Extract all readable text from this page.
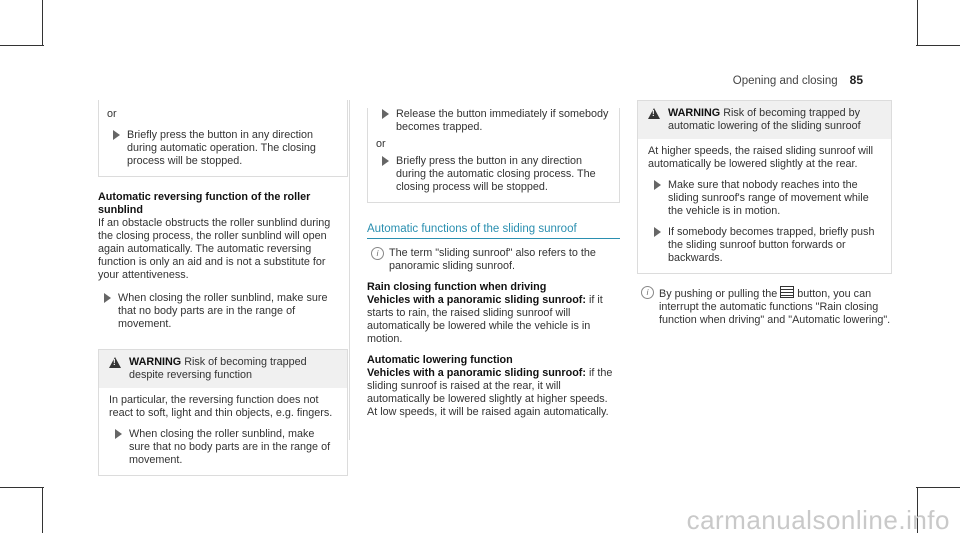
Opening and closing 85

or

Briefly press the button in any direction during automatic operation. The closing process will be stopped.

Automatic reversing function of the roller sunblind

If an obstacle obstructs the roller sunblind during the closing process, the roller sunblind will open again automatically. The automatic reversing function is only an aid and is not a substitute for your attentiveness.

When closing the roller sunblind, make sure that no body parts are in the range of movement.

!

WARNING Risk of becoming trapped despite reversing function

In particular, the reversing function does not react to soft, light and thin objects, e.g. fingers.

When closing the roller sunblind, make sure that no body parts are in the range of movement.

Release the button immediately if somebody becomes trapped.

or

Briefly press the button in any direction during the automatic closing process. The closing process will be stopped.

Automatic functions of the sliding sunroof

i The term "sliding sunroof" also refers to the panoramic sliding sunroof.

Rain closing function when driving

Vehicles with a panoramic sliding sunroof: if it starts to rain, the raised sliding sunroof will automatically be lowered while the vehicle is in motion.

Automatic lowering function

Vehicles with a panoramic sliding sunroof: if the sliding sunroof is raised at the rear, it will automatically be lowered slightly at higher speeds. At low speeds, it will be raised again automatically.

!

WARNING Risk of becoming trapped by automatic lowering of the sliding sunroof

At higher speeds, the raised sliding sunroof will automatically be lowered slightly at the rear.

Make sure that nobody reaches into the sliding sunroof's range of movement while the vehicle is in motion.

If somebody becomes trapped, briefly push the sliding sunroof button forwards or backwards.

i By pushing or pulling the  button, you can interrupt the automatic functions "Rain closing function when driving" and "Automatic lowering".

carmanualsonline.info
